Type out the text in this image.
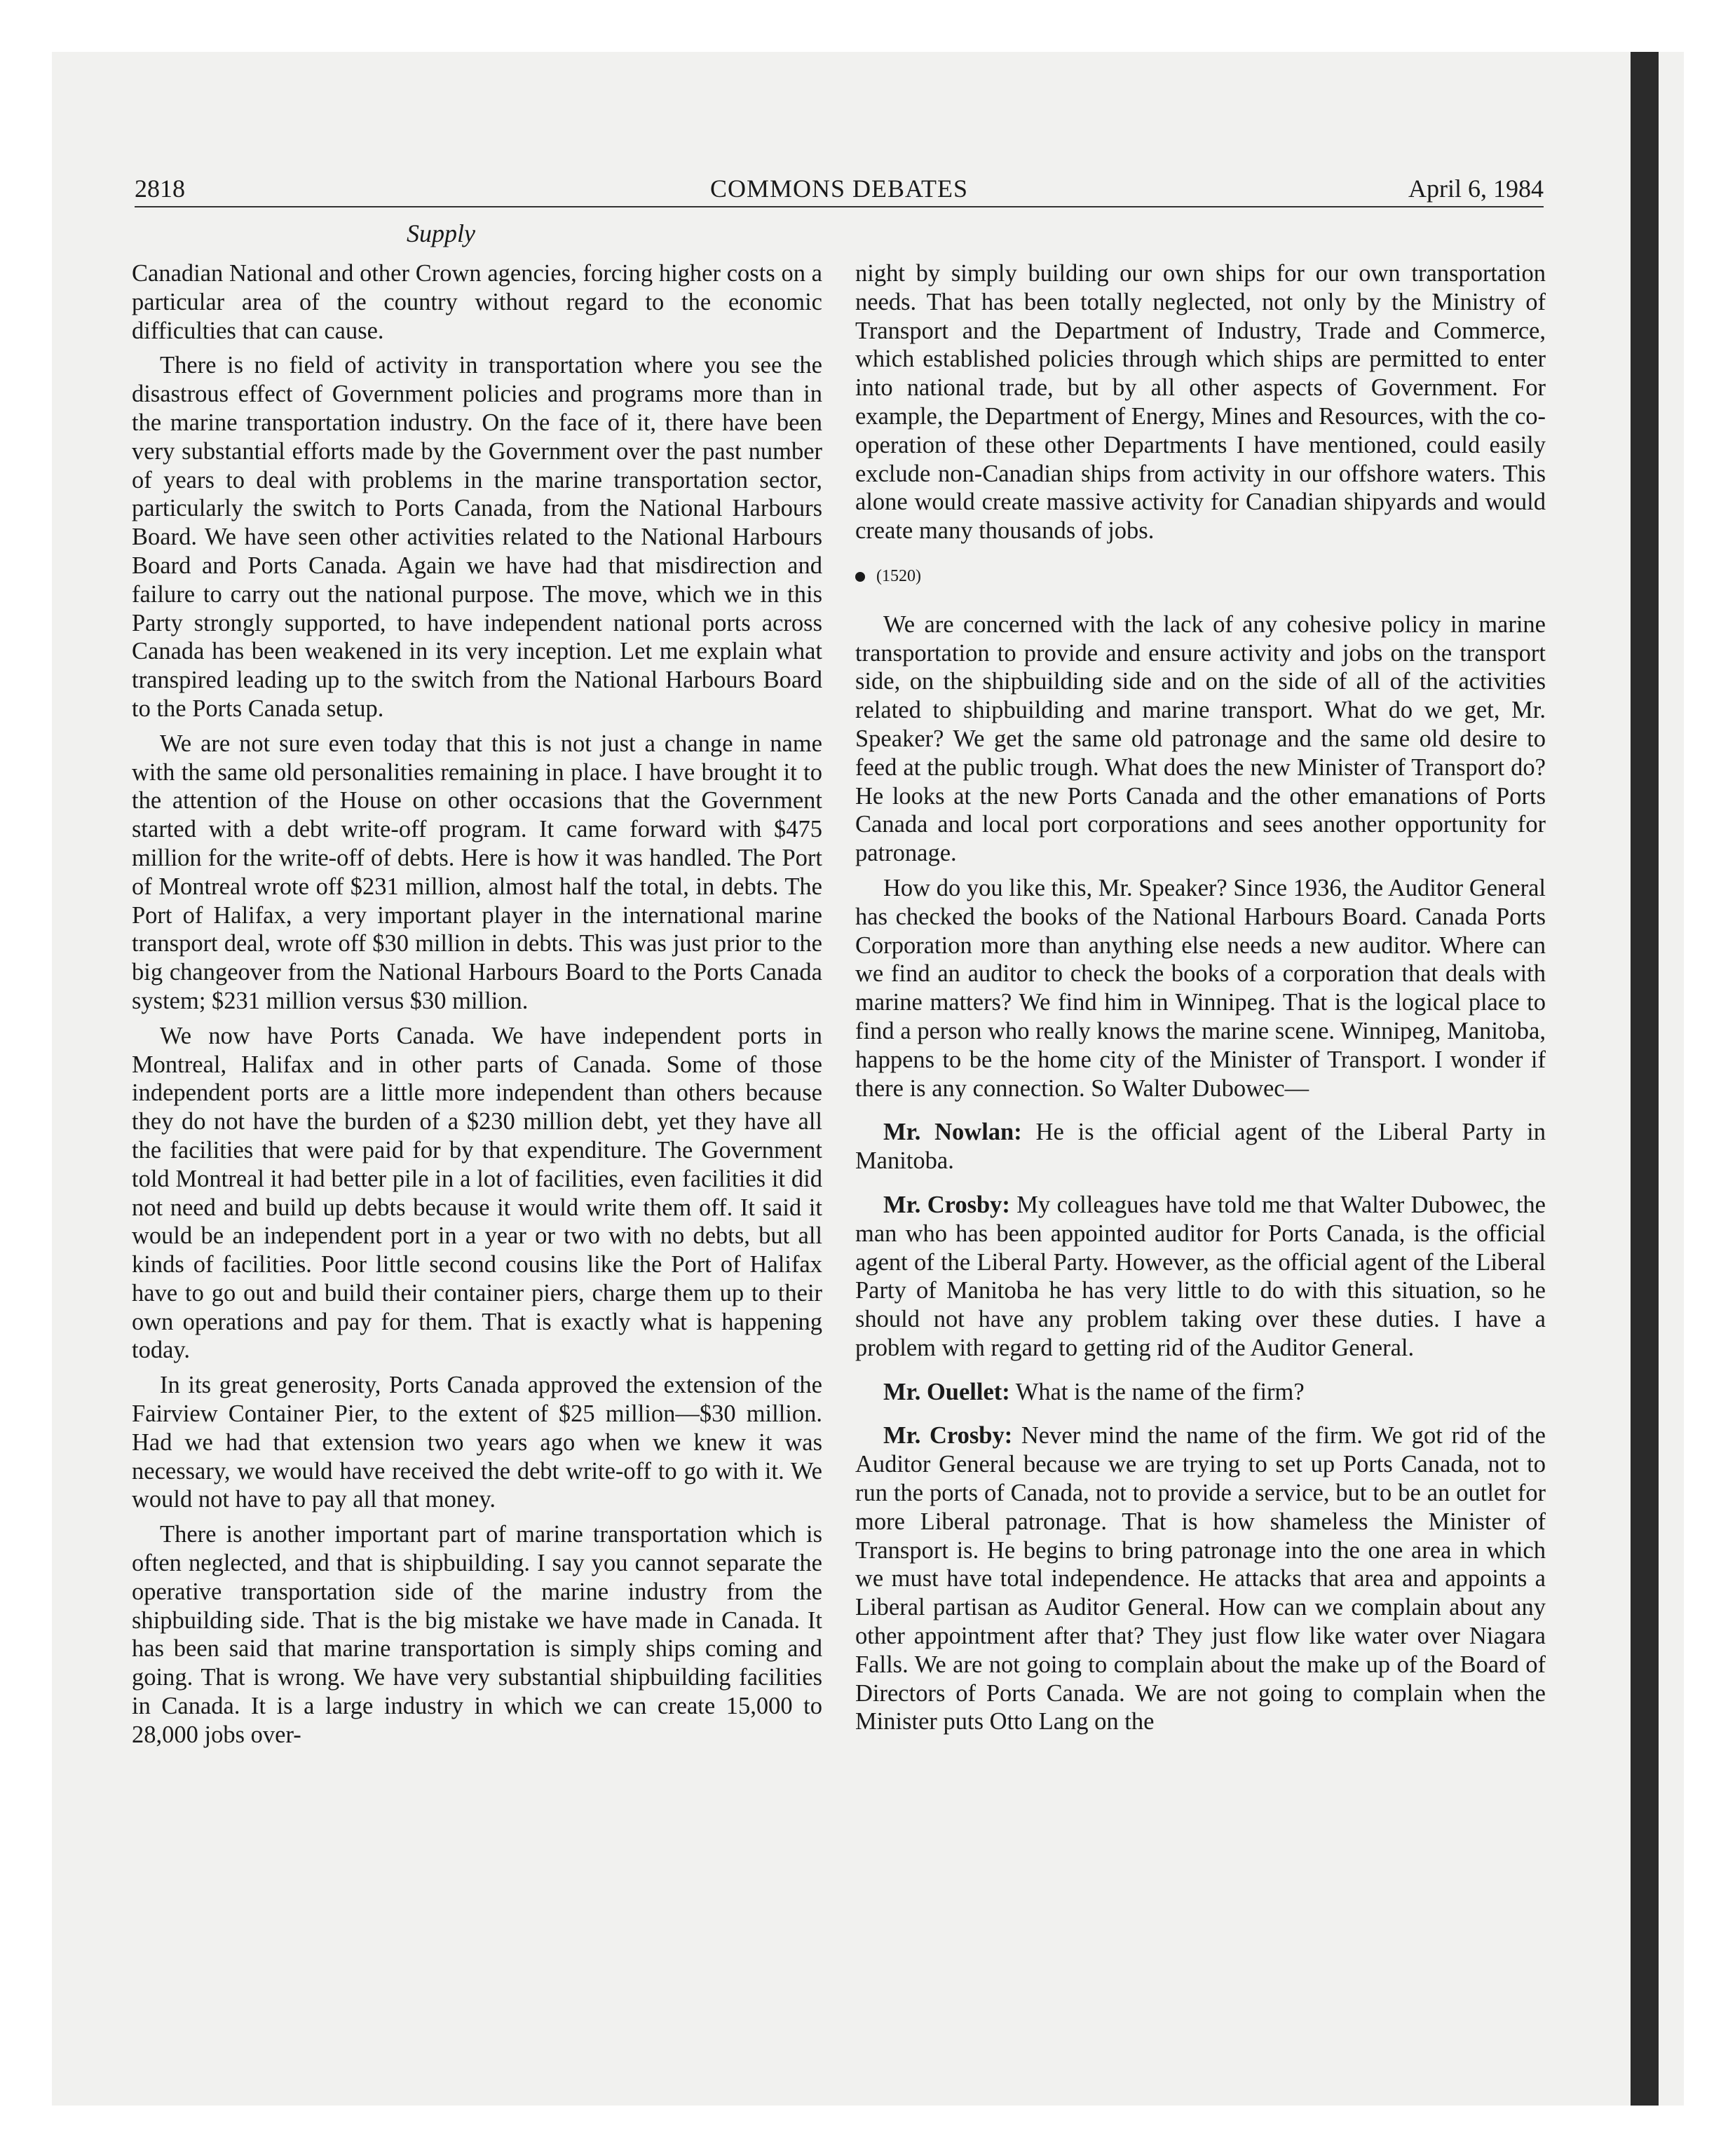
2818	COMMONS DEBATES	April 6, 1984
Supply

Canadian National and other Crown agencies, forcing higher costs on a particular area of the country without regard to the economic difficulties that can cause.

There is no field of activity in transportation where you see the disastrous effect of Government policies and programs more than in the marine transportation industry. On the face of it, there have been very substantial efforts made by the Government over the past number of years to deal with problems in the marine transportation sector, particularly the switch to Ports Canada, from the National Harbours Board. We have seen other activities related to the National Harbours Board and Ports Canada. Again we have had that misdirection and failure to carry out the national purpose. The move, which we in this Party strongly supported, to have independent national ports across Canada has been weakened in its very inception. Let me explain what transpired leading up to the switch from the National Harbours Board to the Ports Canada setup.

We are not sure even today that this is not just a change in name with the same old personalities remaining in place. I have brought it to the attention of the House on other occasions that the Government started with a debt write-off program. It came forward with $475 million for the write-off of debts. Here is how it was handled. The Port of Montreal wrote off $231 million, almost half the total, in debts. The Port of Halifax, a very important player in the international marine transport deal, wrote off $30 million in debts. This was just prior to the big changeover from the National Harbours Board to the Ports Canada system; $231 million versus $30 million.

We now have Ports Canada. We have independent ports in Montreal, Halifax and in other parts of Canada. Some of those independent ports are a little more independent than others because they do not have the burden of a $230 million debt, yet they have all the facilities that were paid for by that expenditure. The Government told Montreal it had better pile in a lot of facilities, even facilities it did not need and build up debts because it would write them off. It said it would be an independent port in a year or two with no debts, but all kinds of facilities. Poor little second cousins like the Port of Halifax have to go out and build their container piers, charge them up to their own operations and pay for them. That is exactly what is happening today.

In its great generosity, Ports Canada approved the extension of the Fairview Container Pier, to the extent of $25 million—$30 million. Had we had that extension two years ago when we knew it was necessary, we would have received the debt write-off to go with it. We would not have to pay all that money.

There is another important part of marine transportation which is often neglected, and that is shipbuilding. I say you cannot separate the operative transportation side of the marine industry from the shipbuilding side. That is the big mistake we have made in Canada. It has been said that marine transportation is simply ships coming and going. That is wrong. We have very substantial shipbuilding facilities in Canada. It is a large industry in which we can create 15,000 to 28,000 jobs over-

night by simply building our own ships for our own transportation needs. That has been totally neglected, not only by the Ministry of Transport and the Department of Industry, Trade and Commerce, which established policies through which ships are permitted to enter into national trade, but by all other aspects of Government. For example, the Department of Energy, Mines and Resources, with the co-operation of these other Departments I have mentioned, could easily exclude non-Canadian ships from activity in our offshore waters. This alone would create massive activity for Canadian shipyards and would create many thousands of jobs.

(1520)

We are concerned with the lack of any cohesive policy in marine transportation to provide and ensure activity and jobs on the transport side, on the shipbuilding side and on the side of all of the activities related to shipbuilding and marine transport. What do we get, Mr. Speaker? We get the same old patronage and the same old desire to feed at the public trough. What does the new Minister of Transport do? He looks at the new Ports Canada and the other emanations of Ports Canada and local port corporations and sees another opportunity for patronage.

How do you like this, Mr. Speaker? Since 1936, the Auditor General has checked the books of the National Harbours Board. Canada Ports Corporation more than anything else needs a new auditor. Where can we find an auditor to check the books of a corporation that deals with marine matters? We find him in Winnipeg. That is the logical place to find a person who really knows the marine scene. Winnipeg, Manitoba, happens to be the home city of the Minister of Transport. I wonder if there is any connection. So Walter Dubowec—

Mr. Nowlan: He is the official agent of the Liberal Party in Manitoba.

Mr. Crosby: My colleagues have told me that Walter Dubowec, the man who has been appointed auditor for Ports Canada, is the official agent of the Liberal Party. However, as the official agent of the Liberal Party of Manitoba he has very little to do with this situation, so he should not have any problem taking over these duties. I have a problem with regard to getting rid of the Auditor General.

Mr. Ouellet: What is the name of the firm?

Mr. Crosby: Never mind the name of the firm. We got rid of the Auditor General because we are trying to set up Ports Canada, not to run the ports of Canada, not to provide a service, but to be an outlet for more Liberal patronage. That is how shameless the Minister of Transport is. He begins to bring patronage into the one area in which we must have total independence. He attacks that area and appoints a Liberal partisan as Auditor General. How can we complain about any other appointment after that? They just flow like water over Niagara Falls. We are not going to complain about the make up of the Board of Directors of Ports Canada. We are not going to complain when the Minister puts Otto Lang on the
